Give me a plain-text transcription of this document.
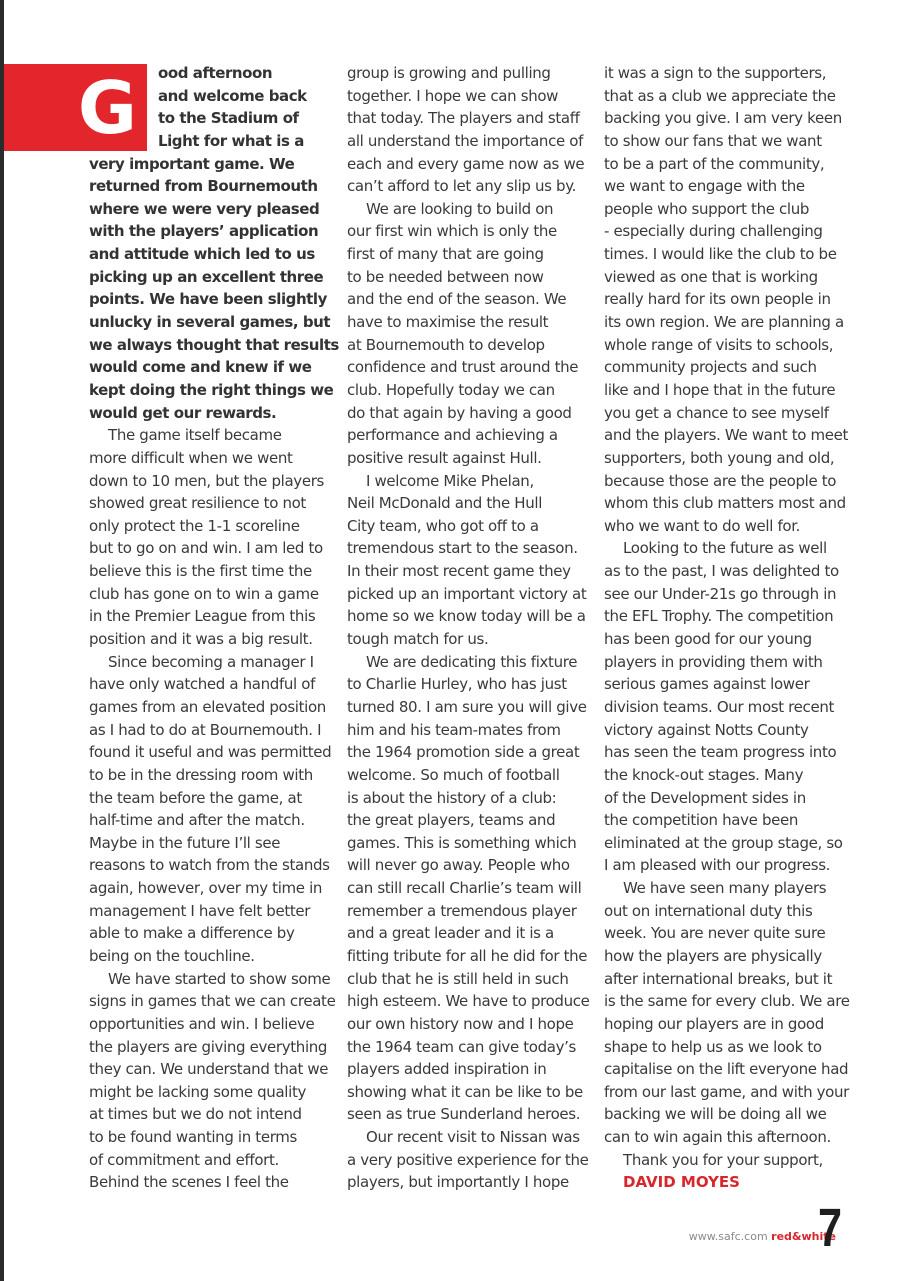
G	ood afternoon
and welcome back
to the Stadium of
Light for what is a
very important game. We
returned from Bournemouth
where we were very pleased
with the players’ application
and attitude which led to us
picking up an excellent three
points. We have been slightly
unlucky in several games, but
we always thought that results
would come and knew if we
kept doing the right things we
would get our rewards.
The game itself became
more difficult when we went
down to 10 men, but the players
showed great resilience to not
only protect the 1-1 scoreline
but to go on and win. I am led to
believe this is the first time the
club has gone on to win a game
in the Premier League from this
position and it was a big result.
Since becoming a manager I
have only watched a handful of
games from an elevated position
as I had to do at Bournemouth. I
found it useful and was permitted
to be in the dressing room with
the team before the game, at
half-time and after the match.
Maybe in the future I’ll see
reasons to watch from the stands
again, however, over my time in
management I have felt better
able to make a difference by
being on the touchline.
We have started to show some
signs in games that we can create
opportunities and win. I believe
the players are giving everything
they can. We understand that we
might be lacking some quality
at times but we do not intend
to be found wanting in terms
of commitment and effort.
Behind the scenes I feel the
group is growing and pulling
together. I hope we can show
that today. The players and staff
all understand the importance of
each and every game now as we
can’t afford to let any slip us by.
We are looking to build on
our first win which is only the
first of many that are going
to be needed between now
and the end of the season. We
have to maximise the result
at Bournemouth to develop
confidence and trust around the
club. Hopefully today we can
do that again by having a good
performance and achieving a
positive result against Hull.
I welcome Mike Phelan,
Neil McDonald and the Hull
City team, who got off to a
tremendous start to the season.
In their most recent game they
picked up an important victory at
home so we know today will be a
tough match for us.
We are dedicating this fixture
to Charlie Hurley, who has just
turned 80. I am sure you will give
him and his team-mates from
the 1964 promotion side a great
welcome. So much of football
is about the history of a club:
the great players, teams and
games. This is something which
will never go away. People who
can still recall Charlie’s team will
remember a tremendous player
and a great leader and it is a
fitting tribute for all he did for the
club that he is still held in such
high esteem. We have to produce
our own history now and I hope
the 1964 team can give today’s
players added inspiration in
showing what it can be like to be
seen as true Sunderland heroes.
Our recent visit to Nissan was
a very positive experience for the
players, but importantly I hope
it was a sign to the supporters,
that as a club we appreciate the
backing you give. I am very keen
to show our fans that we want
to be a part of the community,
we want to engage with the
people who support the club
- especially during challenging
times. I would like the club to be
viewed as one that is working
really hard for its own people in
its own region. We are planning a
whole range of visits to schools,
community projects and such
like and I hope that in the future
you get a chance to see myself
and the players. We want to meet
supporters, both young and old,
because those are the people to
whom this club matters most and
who we want to do well for.
Looking to the future as well
as to the past, I was delighted to
see our Under-21s go through in
the EFL Trophy. The competition
has been good for our young
players in providing them with
serious games against lower
division teams. Our most recent
victory against Notts County
has seen the team progress into
the knock-out stages. Many
of the Development sides in
the competition have been
eliminated at the group stage, so
I am pleased with our progress.
We have seen many players
out on international duty this
week. You are never quite sure
how the players are physically
after international breaks, but it
is the same for every club. We are
hoping our players are in good
shape to help us as we look to
capitalise on the lift everyone had
from our last game, and with your
backing we will be doing all we
can to win again this afternoon.
Thank you for your support,
DAVID MOYES
www.safc.com red&white
7
